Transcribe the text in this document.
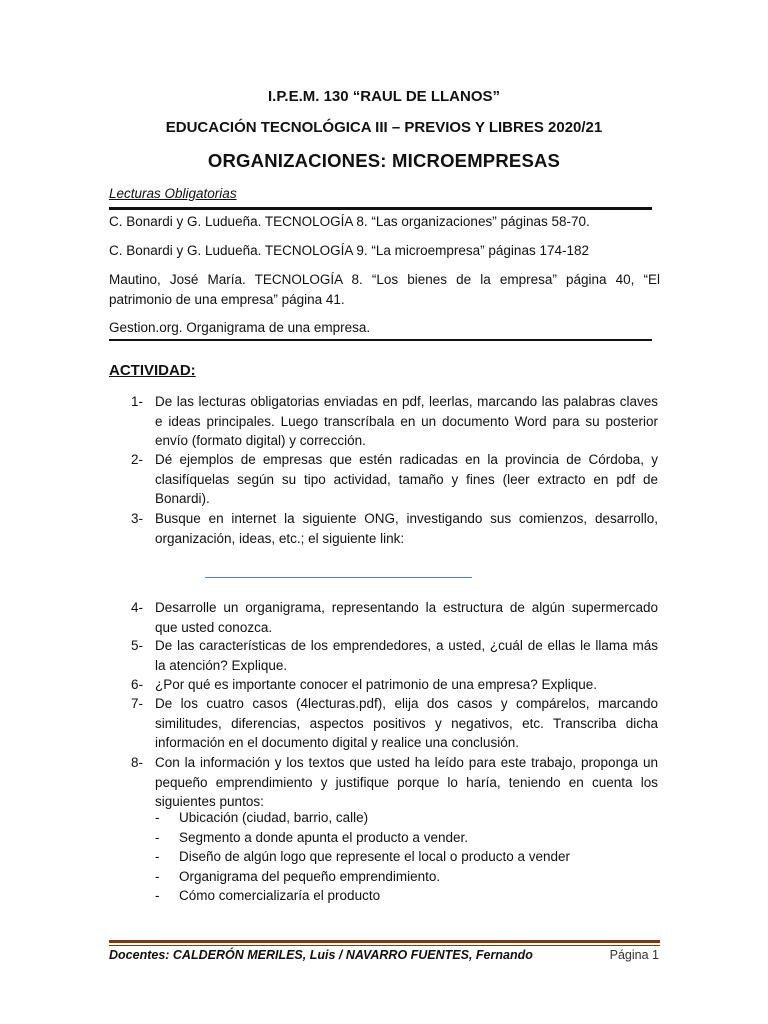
I.P.E.M. 130 “RAUL DE LLANOS”
EDUCACIÓN TECNOLÓGICA III – PREVIOS Y LIBRES 2020/21
ORGANIZACIONES: MICROEMPRESAS
Lecturas Obligatorias
C. Bonardi y G. Ludueña. TECNOLOGÍA 8. “Las organizaciones” páginas 58-70.
C. Bonardi y G. Ludueña. TECNOLOGÍA 9. “La microempresa” páginas 174-182
Mautino, José María. TECNOLOGÍA 8. “Los bienes de la empresa” página 40, “El patrimonio de una empresa” página 41.
Gestion.org. Organigrama de una empresa.
ACTIVIDAD:
1- De las lecturas obligatorias enviadas en pdf, leerlas, marcando las palabras claves e ideas principales. Luego transcríbala en un documento Word para su posterior envío (formato digital) y corrección.
2- Dé ejemplos de empresas que estén radicadas en la provincia de Córdoba, y clasifíquelas según su tipo actividad, tamaño y fines (leer extracto en pdf de Bonardi).
3- Busque en internet la siguiente ONG, investigando sus comienzos, desarrollo, organización, ideas, etc.; el siguiente link:
4- Desarrolle un organigrama, representando la estructura de algún supermercado que usted conozca.
5- De las características de los emprendedores, a usted, ¿cuál de ellas le llama más la atención? Explique.
6- ¿Por qué es importante conocer el patrimonio de una empresa? Explique.
7- De los cuatro casos (4lecturas.pdf), elija dos casos y compárelos, marcando similitudes, diferencias, aspectos positivos y negativos, etc. Transcriba dicha información en el documento digital y realice una conclusión.
8- Con la información y los textos que usted ha leído para este trabajo, proponga un pequeño emprendimiento y justifique porque lo haría, teniendo en cuenta los siguientes puntos:
- Ubicación (ciudad, barrio, calle)
- Segmento a donde apunta el producto a vender.
- Diseño de algún logo que represente el local o producto a vender
- Organigrama del pequeño emprendimiento.
- Cómo comercializaría el producto
Docentes: CALDERÓN MERILES, Luis / NAVARRO FUENTES, Fernando	Página 1
